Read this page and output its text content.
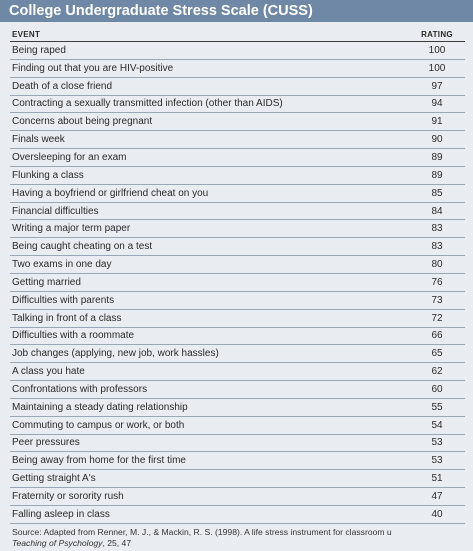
College Undergraduate Stress Scale (CUSS)
EVENT	RATING
Being raped	100
Finding out that you are HIV-positive	100
Death of a close friend	97
Contracting a sexually transmitted infection (other than AIDS)	94
Concerns about being pregnant	91
Finals week	90
Oversleeping for an exam	89
Flunking a class	89
Having a boyfriend or girlfriend cheat on you	85
Financial difficulties	84
Writing a major term paper	83
Being caught cheating on a test	83
Two exams in one day	80
Getting married	76
Difficulties with parents	73
Talking in front of a class	72
Difficulties with a roommate	66
Job changes (applying, new job, work hassles)	65
A class you hate	62
Confrontations with professors	60
Maintaining a steady dating relationship	55
Commuting to campus or work, or both	54
Peer pressures	53
Being away from home for the first time	53
Getting straight A's	51
Fraternity or sorority rush	47
Falling asleep in class	40
Source: Adapted from Renner, M. J., & Mackin, R. S. (1998). A life stress instrument for classroom u
Teaching of Psychology, 25, 47
